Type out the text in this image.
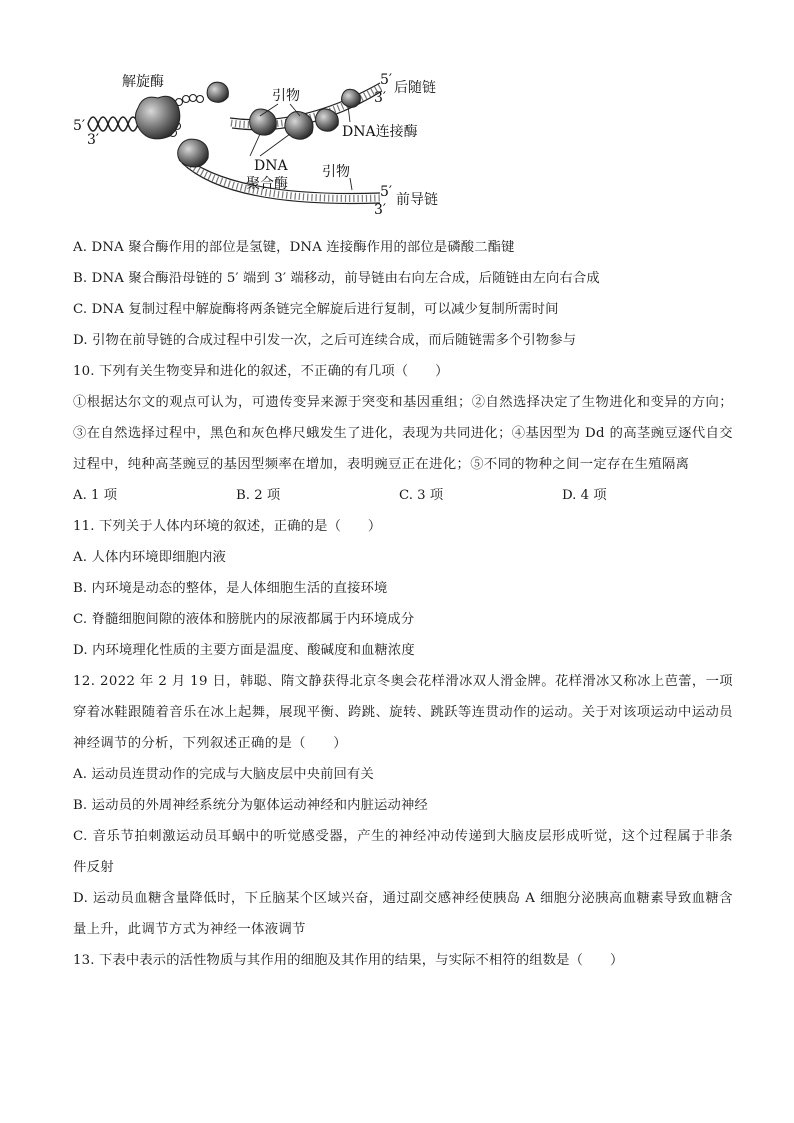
解旋酶
引物
5′
3′
5′
3′
后随链
DNA连接酶
DNA
聚合酶
引物
5′
3′
前导链
A. DNA 聚合酶作用的部位是氢键，DNA 连接酶作用的部位是磷酸二酯键
B. DNA 聚合酶沿母链的 5′ 端到 3′ 端移动，前导链由右向左合成，后随链由左向右合成
C. DNA 复制过程中解旋酶将两条链完全解旋后进行复制，可以减少复制所需时间
D. 引物在前导链的合成过程中引发一次，之后可连续合成，而后随链需多个引物参与
10. 下列有关生物变异和进化的叙述，不正确的有几项（　　）
①根据达尔文的观点可认为，可遗传变异来源于突变和基因重组；②自然选择决定了生物进化和变异的方向；③在自然选择过程中，黑色和灰色桦尺蛾发生了进化，表现为共同进化；④基因型为 Dd 的高茎豌豆逐代自交过程中，纯种高茎豌豆的基因型频率在增加，表明豌豆正在进化；⑤不同的物种之间一定存在生殖隔离
A. 1 项	B. 2 项	C. 3 项	D. 4 项
11. 下列关于人体内环境的叙述，正确的是（　　）
A. 人体内环境即细胞内液
B. 内环境是动态的整体，是人体细胞生活的直接环境
C. 脊髓细胞间隙的液体和膀胱内的尿液都属于内环境成分
D. 内环境理化性质的主要方面是温度、酸碱度和血糖浓度
12. 2022 年 2 月 19 日，韩聪、隋文静获得北京冬奥会花样滑冰双人滑金牌。花样滑冰又称冰上芭蕾，一项穿着冰鞋跟随着音乐在冰上起舞，展现平衡、跨跳、旋转、跳跃等连贯动作的运动。关于对该项运动中运动员神经调节的分析，下列叙述正确的是（　　）
A. 运动员连贯动作的完成与大脑皮层中央前回有关
B. 运动员的外周神经系统分为躯体运动神经和内脏运动神经
C. 音乐节拍刺激运动员耳蜗中的听觉感受器，产生的神经冲动传递到大脑皮层形成听觉，这个过程属于非条件反射
D. 运动员血糖含量降低时，下丘脑某个区域兴奋，通过副交感神经使胰岛 A 细胞分泌胰高血糖素导致血糖含量上升，此调节方式为神经一体液调节
13. 下表中表示的活性物质与其作用的细胞及其作用的结果，与实际不相符的组数是（　　）
